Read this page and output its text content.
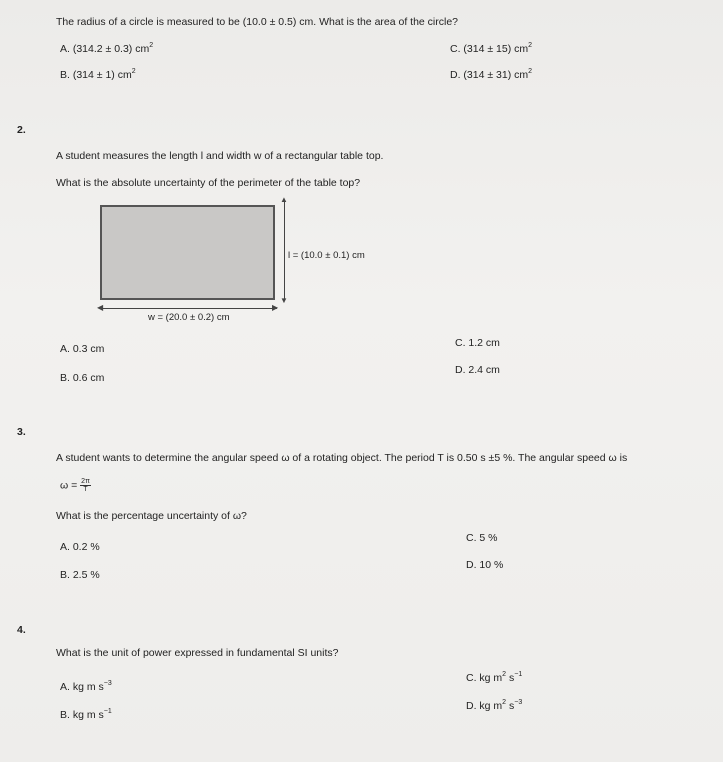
The radius of a circle is measured to be (10.0 ± 0.5) cm. What is the area of the circle?
A. (314.2 ± 0.3) $cm^2$
B. (314 ± 1) $cm^2$
C. (314 ± 15) $cm^2$
D. (314 ± 31) $cm^2$
2.
A student measures the length l and width w of a rectangular table top.
What is the absolute uncertainty of the perimeter of the table top?
▲
▼
l = (10.0 ± 0.1) cm
◀	▶
w = (20.0 ± 0.2) cm
A. 0.3 cm
B. 0.6 cm
C. 1.2 cm
D. 2.4 cm
3.
A student wants to determine the angular speed ω of a rotating object. The period T is 0.50 s ±5 %. The angular speed ω is
$\omega = \frac{2\pi}{T}$
What is the percentage uncertainty of ω?
A. 0.2 %
B. 2.5 %
C. 5 %
D. 10 %
4.
What is the unit of power expressed in fundamental SI units?
A. kg m $s^{-3}$
B. kg m $s^{-1}$
C. kg $m^2$ $s^{-1}$
D. kg $m^2$ $s^{-3}$
